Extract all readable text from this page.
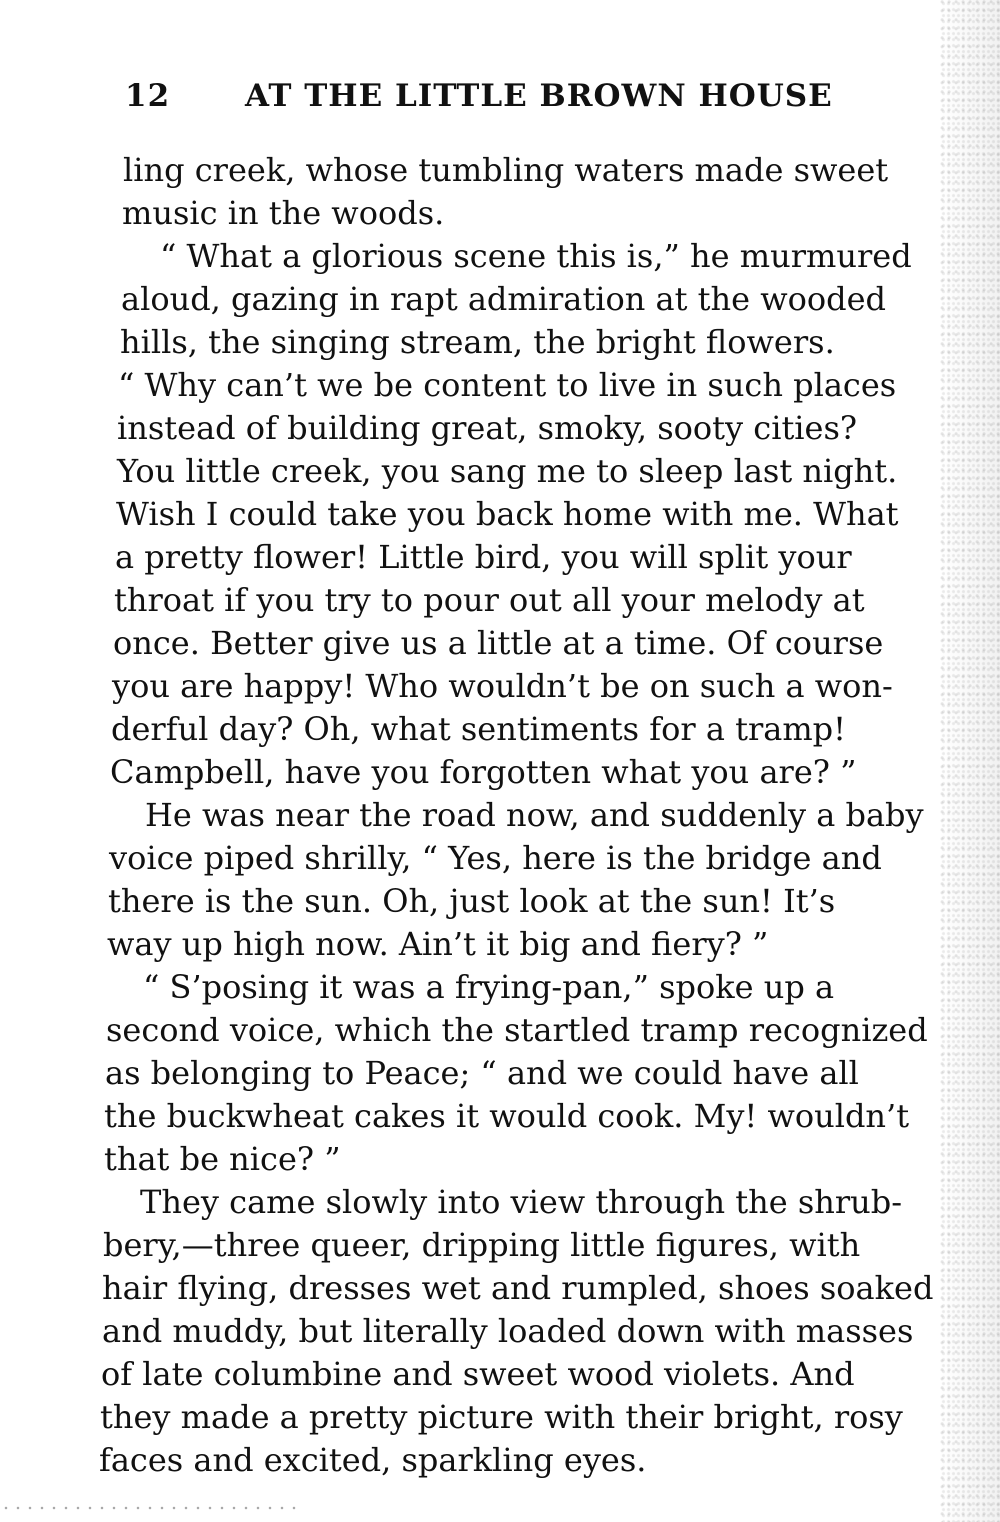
12 AT THE LITTLE BROWN HOUSE
ling creek, whose tumbling waters made sweet
music in the woods.
“ What a glorious scene this is,” he murmured
aloud, gazing in rapt admiration at the wooded
hills, the singing stream, the bright flowers.
“ Why can’t we be content to live in such places
instead of building great, smoky, sooty cities?
You little creek, you sang me to sleep last night.
Wish I could take you back home with me. What
a pretty flower! Little bird, you will split your
throat if you try to pour out all your melody at
once. Better give us a little at a time. Of course
you are happy! Who wouldn’t be on such a won-
derful day? Oh, what sentiments for a tramp!
Campbell, have you forgotten what you are? ”
He was near the road now, and suddenly a baby
voice piped shrilly, “ Yes, here is the bridge and
there is the sun. Oh, just look at the sun! It’s
way up high now. Ain’t it big and fiery? ”
“ S’posing it was a frying-pan,” spoke up a
second voice, which the startled tramp recognized
as belonging to Peace; “ and we could have all
the buckwheat cakes it would cook. My! wouldn’t
that be nice? ”
They came slowly into view through the shrub-
bery,—three queer, dripping little figures, with
hair flying, dresses wet and rumpled, shoes soaked
and muddy, but literally loaded down with masses
of late columbine and sweet wood violets. And
they made a pretty picture with their bright, rosy
faces and excited, sparkling eyes.
